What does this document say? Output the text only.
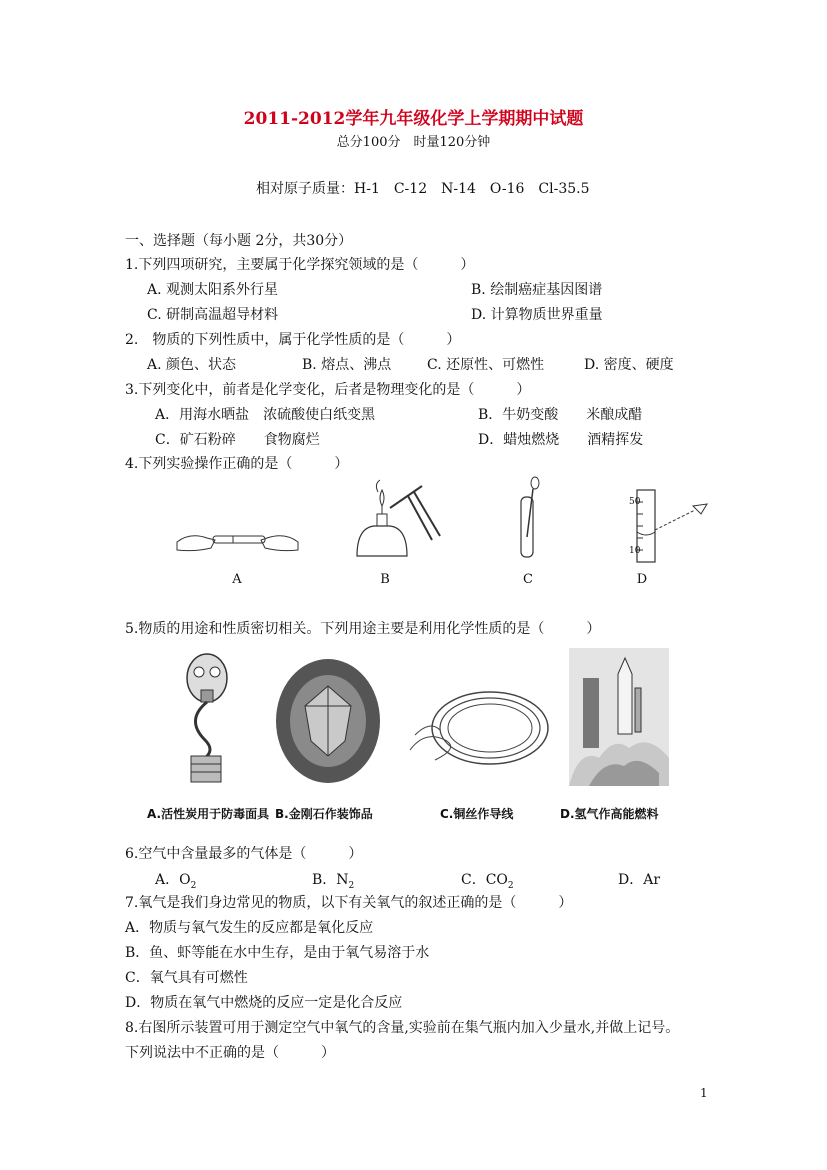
2011-2012学年九年级化学上学期期中试题
总分100分　时量120分钟
相对原子质量：H-1　C-12　N-14　O-16　Cl-35.5
一、选择题（每小题 2分，共30分）
1.下列四项研究，主要属于化学探究领域的是（　　　）
A. 观测太阳系外行星	B. 绘制癌症基因图谱
C. 研制高温超导材料	D. 计算物质世界重量
2.　物质的下列性质中，属于化学性质的是（　　　）
A. 颜色、状态	B. 熔点、沸点	C. 还原性、可燃性	D. 密度、硬度
3.下列变化中，前者是化学变化，后者是物理变化的是（　　　）
A．用海水晒盐　浓硫酸使白纸变黑	B．牛奶变酸　　米酿成醋
C．矿石粉碎　　食物腐烂	D．蜡烛燃烧　　酒精挥发
4.下列实验操作正确的是（　　　）
A	B	C
50
10
D
5.物质的用途和性质密切相关。下列用途主要是利用化学性质的是（　　　）
A.活性炭用于防毒面具 B.金刚石作装饰品	C.铜丝作导线	D.氢气作高能燃料
6.空气中含量最多的气体是（　　　）
A．$O_2$	B．$N_2$	C．$CO_2$	D．Ar
7.氧气是我们身边常见的物质，以下有关氧气的叙述正确的是（　　　）
A．物质与氧气发生的反应都是氧化反应
B．鱼、虾等能在水中生存，是由于氧气易溶于水
C．氧气具有可燃性
D．物质在氧气中燃烧的反应一定是化合反应
8.右图所示装置可用于测定空气中氧气的含量,实验前在集气瓶内加入少量水,并做上记号。
下列说法中不正确的是（　　　）
1
